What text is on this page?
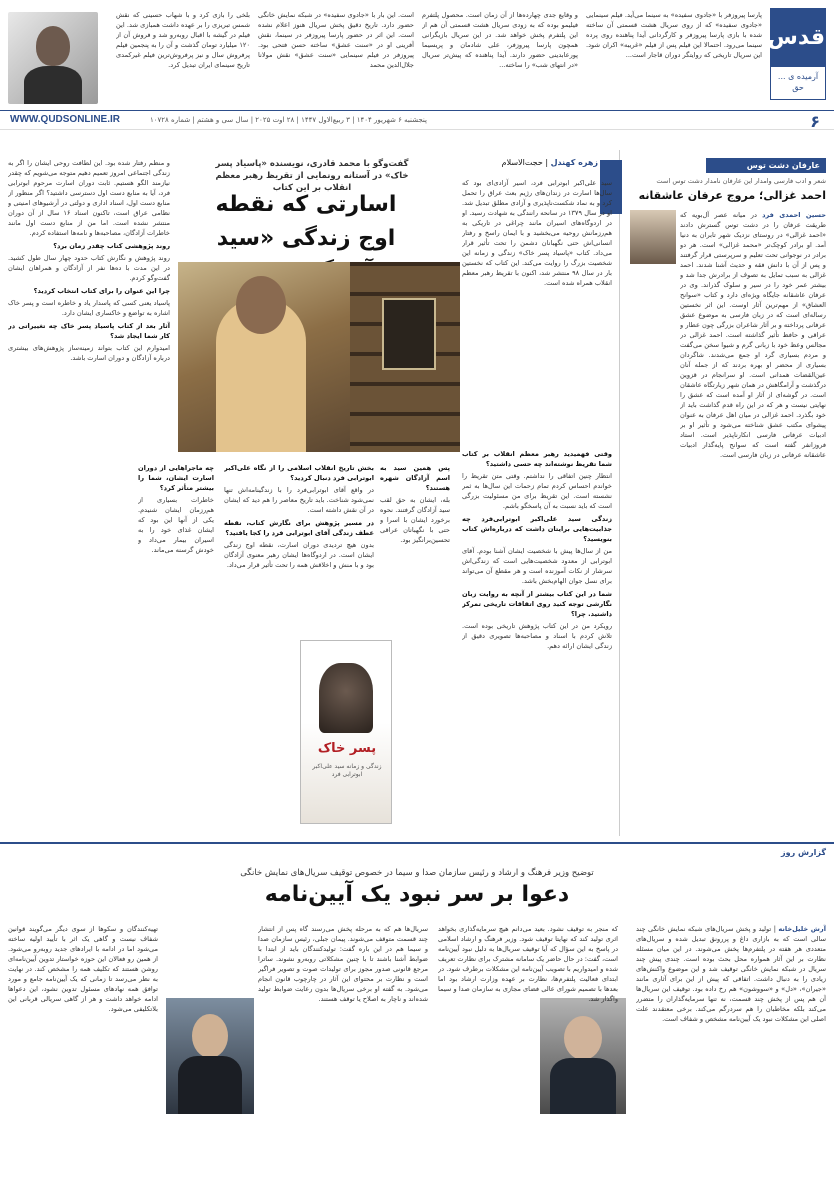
قدس
آرمیده ی ... حق
پارسا پیروزفر با «جادوی سفیده» به سینما می‌آید. فیلم سینمایی «جادوی سفیده» که از روی سریال هشت قسمتی آن ساخته شده با بازی پارسا پیروزفر و کارگردانی آیدا پناهنده روی پرده سینما می‌رود. احتمالا این فیلم پس از فیلم «غریبه» اکران شود. این سریال تاریخی که روایتگر دوران قاجار است...
و وقایع جدی چهارده‌ها از آن زمان است. محصول پلتفرم فیلیمو بوده که به زودی سریال هشت قسمتی آن هم از این پلتفرم پخش خواهد شد. در این سریال بازیگرانی همچون پارسا پیروزفر، علی شادمان و پریسیما پورعابدینی حضور دارند. آیدا پناهنده که پیش‌تر سریال «در انتهای شب» را ساخته...
است. این بار با «جادوی سفیده» در شبکه نمایش خانگی حضور دارد. تاریخ دقیق پخش سریال هنوز اعلام نشده است. این اثر در حضور پارسا پیروزفر در سینما، نقش آفرینی او در «سنت عشق» ساخته حسن فتحی بود. پیروزفر در فیلم سینمایی «سنت عشق» نقش مولانا جلال‌الدین محمد
بلخی را بازی کرد و با شهاب حسینی که نقش شمس تبریزی را بر عهده داشت همبازی شد. این فیلم در گیشه با اقبال روبه‌رو شد و فروش آن از ۱۲۰ میلیارد تومان گذشت و آن را به پنجمین فیلم پرفروش سال و نیز پرفروش‌ترین فیلم غیرکمدی تاریخ سینمای ایران تبدیل کرد.
۶
پنجشنبه ۶ شهریور ۱۴۰۴ | ۳ ربیع‌الاول ۱۴۴۷ | ۲۸ اوت ۲۰۲۵ | سال سی و هشتم | شماره ۱۰۷۲۸
WWW.QUDSONLINE.IR
عارفان دشت توس
شعر و ادب فارسی وامدار این عارفان نامدار دشت توس است
احمد غزالی؛ مروج عرفان عاشقانه
حسین احمدی فرد در میانه عصر آل‌بویه که طریقت عرفان را در دشت توس گسترش دادند «احمد غزالی» در روستای نزدیک شهر تابران به دنیا آمد. او برادر کوچک‌تر «محمد غزالی» است. هر دو برادر در نوجوانی تحت تعلیم و سرپرستی قرار گرفتند و پس از آن با دانش فقه و حدیث آشنا شدند. احمد غزالی به سبب تمایل به تصوف از برادرش جدا شد و بیشتر عمر خود را در سیر و سلوک گذراند. وی در عرفان عاشقانه جایگاه ویژه‌ای دارد و کتاب «سوانح العشاق» از مهم‌ترین آثار اوست. این اثر نخستین رساله‌ای است که در زبان فارسی به موضوع عشق عرفانی پرداخته و بر آثار شاعران بزرگی چون عطار و عراقی و حافظ تأثیر گذاشته است. احمد غزالی در مجالس وعظ خود با زبانی گرم و شیوا سخن می‌گفت و مردم بسیاری گرد او جمع می‌شدند. شاگردان بسیاری از محضر او بهره بردند که از جمله آنان عین‌القضات همدانی است. او سرانجام در قزوین درگذشت و آرامگاهش در همان شهر زیارتگاه عاشقان است. در گوشه‌ای از آثار او آمده است که عشق را نهایتی نیست و هر که در این راه قدم گذاشت باید از خود بگذرد. احمد غزالی در میان اهل عرفان به عنوان پیشوای مکتب عشق شناخته می‌شود و تأثیر او بر ادبیات عرفانی فارسی انکارناپذیر است. استاد فروزانفر گفته است که سوانح پایه‌گذار ادبیات عاشقانه عرفانی در زبان فارسی است.
زهره کهندل | حجت‌الاسلام
گفت‌وگو با محمد قادری، نویسنده «پاسیاد پسر خاک» در آستانه رونمایی از تقریظ رهبر معظم انقلاب بر این کتاب
اسارتی که نقطه اوج زندگی «سید
سید علی‌اکبر ابوترابی فرد، اسیر آزادی‌ای بود که سال‌ها اسارت در زندان‌های رژیم بعث عراق را تحمل کرد و به نماد شکست‌ناپذیری و آزادی مطلق تبدیل شد. او در سال ۱۳۷۹ در سانحه رانندگی به شهادت رسید. او در اردوگاه‌های اسیران مانند چراغی در تاریکی به هم‌رزمانش روحیه می‌بخشید و با ایمان راسخ و رفتار انسانی‌اش حتی نگهبانان دشمن را تحت تأثیر قرار می‌داد. کتاب «پاسیاد پسر خاک» زندگی و زمانه این شخصیت بزرگ را روایت می‌کند. این کتاب که نخستین بار در سال ۹۸ منتشر شد، اکنون با تقریظ رهبر معظم انقلاب همراه شده است.
وقتی فهمیدید رهبر معظم انقلاب بر کتاب شما تقریظ نوشته‌اند چه حسی داشتید؟
انتظار چنین اتفاقی را نداشتم. وقتی متن تقریظ را خواندم احساس کردم تمام زحمات این سال‌ها به ثمر نشسته است. این تقریظ برای من مسئولیت بزرگی است که باید نسبت به آن پاسخگو باشم.
زندگی سید علی‌اکبر ابوترابی‌فرد چه جذابیت‌هایی برایتان داشت که درباره‌اش کتاب بنویسید؟
من از سال‌ها پیش با شخصیت ایشان آشنا بودم. آقای ابوترابی از معدود شخصیت‌هایی است که زندگی‌اش سرشار از نکات آموزنده است و هر مقطع آن می‌تواند برای نسل جوان الهام‌بخش باشد.
شما در این کتاب بیشتر از آنچه به روایت زبان نگارشی توجه کنید روی اتفاقات تاریخی تمرکز داشتید. چرا؟
رویکرد من در این کتاب پژوهش تاریخی بوده است. تلاش کردم با اسناد و مصاحبه‌ها تصویری دقیق از زندگی ایشان ارائه دهم.
بخش تاریخ انقلاب اسلامی را از نگاه علی‌اکبر ابوترابی فرد دنبال کردید؟
در واقع آقای ابوترابی‌فرد را با زندگینامه‌اش تنها نمی‌شود شناخت. باید تاریخ معاصر را هم دید که ایشان در آن نقش داشته است.
در مسیر پژوهش برای نگارش کتاب، نقطه عطف زندگی آقای ابوترابی فرد را کجا یافتید؟
بدون هیچ تردیدی دوران اسارت، نقطه اوج زندگی ایشان است. در اردوگاه‌ها ایشان رهبر معنوی آزادگان بود و با منش و اخلاقش همه را تحت تأثیر قرار می‌داد.
پس همین سید به اسم آزادگان شهره هستند؟
بله، ایشان به حق لقب سید آزادگان گرفتند. نحوه برخورد ایشان با اسرا و حتی با نگهبانان عراقی تحسین‌برانگیز بود.
چه ماجراهایی از دوران اسارت ایشان، شما را بیشتر متأثر کرد؟
خاطرات بسیاری از هم‌رزمان ایشان شنیدم. یکی از آنها این بود که ایشان غذای خود را به اسیران بیمار می‌داد و خودش گرسنه می‌ماند.
پسر خاک
زندگی و زمانه سید علی‌اکبر ابوترابی فرد
و منظم رفتار شده بود. این لطافت روحی ایشان را اگر به زندگی اجتماعی امروز تعمیم دهیم متوجه می‌شویم که چقدر نیازمند الگو هستیم. ثابت دوران اسارت مرحوم ابوترابی فرد، آیا به منابع دست اول دسترسی داشتید؟ اگر منظور از منابع دست اول، اسناد اداری و دولتی در آرشیوهای امنیتی و نظامی عراق است، تاکنون اسناد ۱۶ سال از آن دوران منتشر نشده است. اما من از منابع دست اول مانند خاطرات آزادگان، مصاحبه‌ها و نامه‌ها استفاده کردم.
روند پژوهشی کتاب چقدر زمان برد؟
روند پژوهش و نگارش کتاب حدود چهار سال طول کشید. در این مدت با ده‌ها نفر از آزادگان و همراهان ایشان گفت‌وگو کردم.
چرا این عنوان را برای کتاب انتخاب کردید؟
پاسیاد یعنی کسی که پاسدار یاد و خاطره است و پسر خاک اشاره به تواضع و خاکساری ایشان دارد.
آثار بعد از کتاب پاسیاد پسر خاک چه تغییراتی در کار شما ایجاد شد؟
امیدوارم این کتاب بتواند زمینه‌ساز پژوهش‌های بیشتری درباره آزادگان و دوران اسارت باشد.
گزارش روز
توضیح وزیر فرهنگ و ارشاد و رئیس سازمان صدا و سیما در خصوص توقیف سریال‌های نمایش خانگی
دعوا بر سر نبود یک آیین‌نامه
آرش خلیل‌خانه | تولید و پخش سریال‌های شبکه نمایش خانگی چند سالی است که به بازاری داغ و پررونق تبدیل شده و سریال‌های متعددی هر هفته در پلتفرم‌ها پخش می‌شوند. در این میان مسئله نظارت بر این آثار همواره محل بحث بوده است. چندی پیش چند سریال در شبکه نمایش خانگی توقیف شد و این موضوع واکنش‌های زیادی را به دنبال داشت. اتفاقی که پیش از این برای آثاری مانند «جیران»، «دل» و «سووشون» هم رخ داده بود. توقیف این سریال‌ها آن هم پس از پخش چند قسمت، نه تنها سرمایه‌گذاران را متضرر می‌کند بلکه مخاطبان را هم سردرگم می‌کند. برخی معتقدند علت اصلی این مشکلات نبود یک آیین‌نامه مشخص و شفاف است.
که منجر به توقیف نشود. بعید می‌دانم هیچ سرمایه‌گذاری بخواهد اثری تولید کند که نهایتا توقیف شود. وزیر فرهنگ و ارشاد اسلامی در پاسخ به این سؤال که آیا توقیف سریال‌ها به دلیل نبود آیین‌نامه است، گفت: در حال حاضر یک سامانه مشترک برای نظارت تعریف شده و امیدواریم با تصویب آیین‌نامه این مشکلات برطرف شود. در ابتدای فعالیت پلتفرم‌ها، نظارت بر عهده وزارت ارشاد بود اما بعدها با تصمیم شورای عالی فضای مجازی به سازمان صدا و سیما واگذار شد.
سریال‌ها هم که به مرحله پخش می‌رسند گاه پس از انتشار چند قسمت متوقف می‌شوند. پیمان جبلی، رئیس سازمان صدا و سیما هم در این باره گفت: تولیدکنندگان باید از ابتدا با ضوابط آشنا باشند تا با چنین مشکلاتی روبه‌رو نشوند. ساترا مرجع قانونی صدور مجوز برای تولیدات صوت و تصویر فراگیر است و نظارت بر محتوای این آثار در چارچوب قانون انجام می‌شود. به گفته او برخی سریال‌ها بدون رعایت ضوابط تولید شده‌اند و ناچار به اصلاح یا توقف هستند.
تهیه‌کنندگان و سکوها از سوی دیگر می‌گویند قوانین شفاف نیست و گاهی یک اثر با تأیید اولیه ساخته می‌شود اما در ادامه با ایرادهای جدید روبه‌رو می‌شود. از همین رو فعالان این حوزه خواستار تدوین آیین‌نامه‌ای روشن هستند که تکلیف همه را مشخص کند. در نهایت به نظر می‌رسد تا زمانی که یک آیین‌نامه جامع و مورد توافق همه نهادهای مسئول تدوین نشود، این دعواها ادامه خواهد داشت و هر از گاهی سریالی قربانی این بلاتکلیفی می‌شود.
